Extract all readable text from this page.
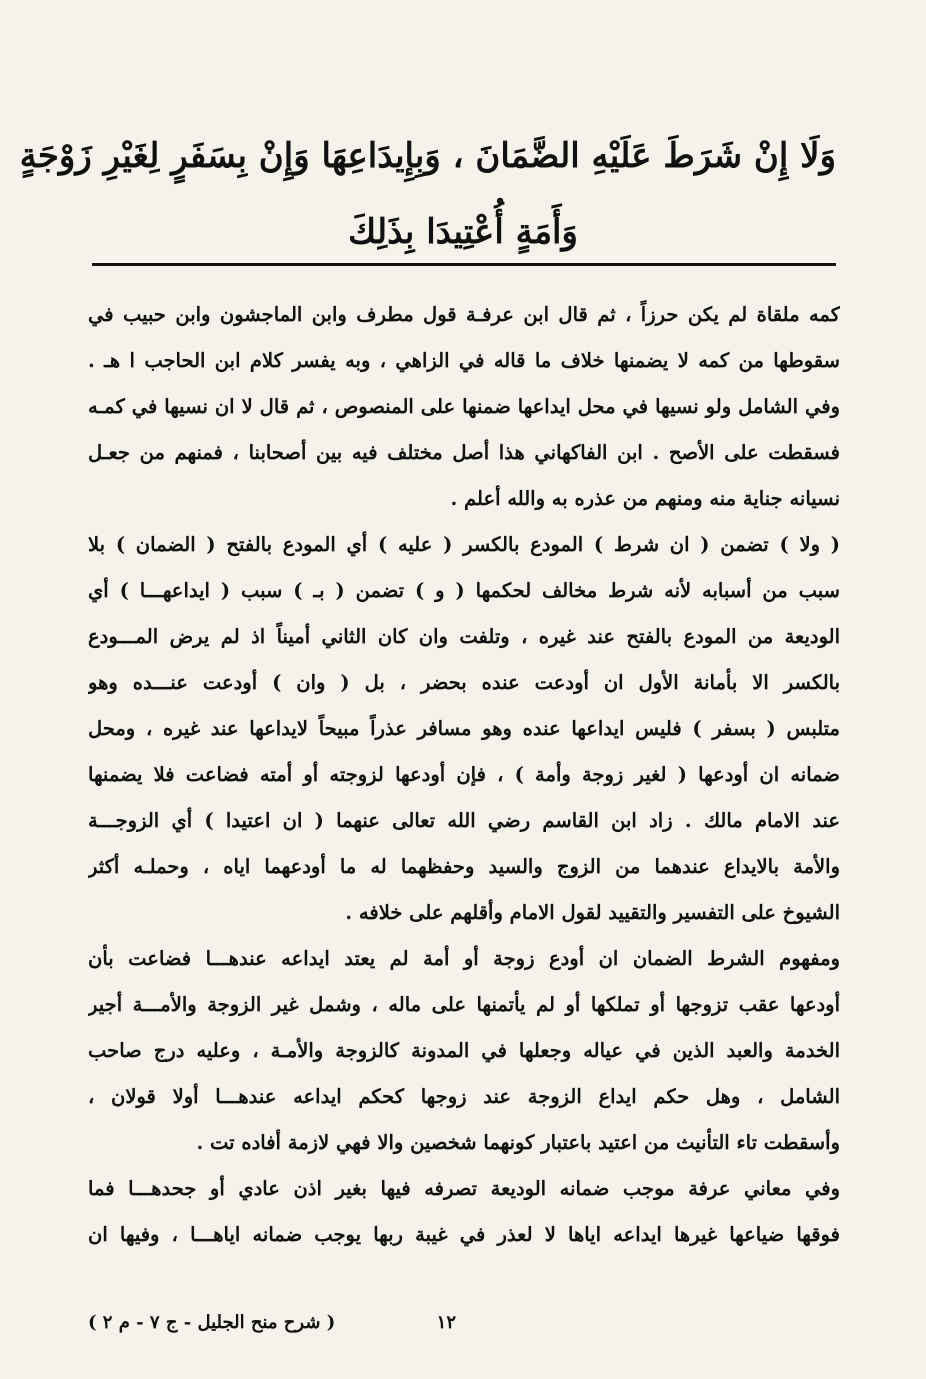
وَلَا إِنْ شَرَطَ عَلَيْهِ الضَّمَانَ ، وَبِإِيدَاعِهَا وَإِنْ بِسَفَرٍ لِغَيْرِ زَوْجَةٍ
وَأَمَةٍ أُعْتِيدَا بِذَلِكَ
كمه ملقاة لم يكن حرزاً ، ثم قال ابن عرفـة قول مطرف وابن الماجشون وابن حبيب في
سقوطها من كمه لا يضمنها خلاف ما قاله في الزاهي ، وبه يفسر كلام ابن الحاجب ا هـ .
وفي الشامل ولو نسيها في محل ايداعها ضمنها على المنصوص ، ثم قال لا ان نسيها في كمـه
فسقطت على الأصح . ابن الفاكهاني هذا أصل مختلف فيه بين أصحابنا ، فمنهم من جعـل
نسيانه جناية منه ومنهم من عذره به والله أعلم .
( ولا ) تضمن ( ان شرط ) المودع بالكسر ( عليه ) أي المودع بالفتح ( الضمان ) بلا
سبب من أسبابه لأنه شرط مخالف لحكمها ( و ) تضمن ( بـ ) سبب ( ايداعهـــا ) أي
الوديعة من المودع بالفتح عند غيره ، وتلفت وان كان الثاني أميناً اذ لم يرض المـــودع
بالكسر الا بأمانة الأول ان أودعت عنده بحضر ، بل ( وان ) أودعت عنـــده وهو
متلبس ( بسفر ) فليس ايداعها عنده وهو مسافر عذراً مبيحاً لايداعها عند غيره ، ومحل
ضمانه ان أودعها ( لغير زوجة وأمة ) ، فإن أودعها لزوجته أو أمته فضاعت فلا يضمنها
عند الامام مالك . زاد ابن القاسم رضي الله تعالى عنهما ( ان اعتيدا ) أي الزوجـــة
والأمة بالايداع عندهما من الزوج والسيد وحفظهما له ما أودعهما اياه ، وحملـه أكثر
الشيوخ على التفسير والتقييد لقول الامام وأقلهم على خلافه .
ومفهوم الشرط الضمان ان أودع زوجة أو أمة لم يعتد ايداعه عندهـــا فضاعت بأن
أودعها عقب تزوجها أو تملكها أو لم يأتمنها على ماله ، وشمل غير الزوجة والأمـــة أجير
الخدمة والعبد الذين في عياله وجعلها في المدونة كالزوجة والأمـة ، وعليه درج صاحب
الشامل ، وهل حكم ايداع الزوجة عند زوجها كحكم ايداعه عندهـــا أولا قولان ،
وأسقطت تاء التأنيث من اعتيد باعتبار كونهما شخصين والا فهي لازمة أفاده تت .
وفي معاني عرفة موجب ضمانه الوديعة تصرفه فيها بغير اذن عادي أو جحدهـــا فما
فوقها ضياعها غيرها ايداعه اياها لا لعذر في غيبة ربها يوجب ضمانه اياهـــا ، وفيها ان
١٢
( شرح منح الجليل - ج ٧ - م ٢ )
